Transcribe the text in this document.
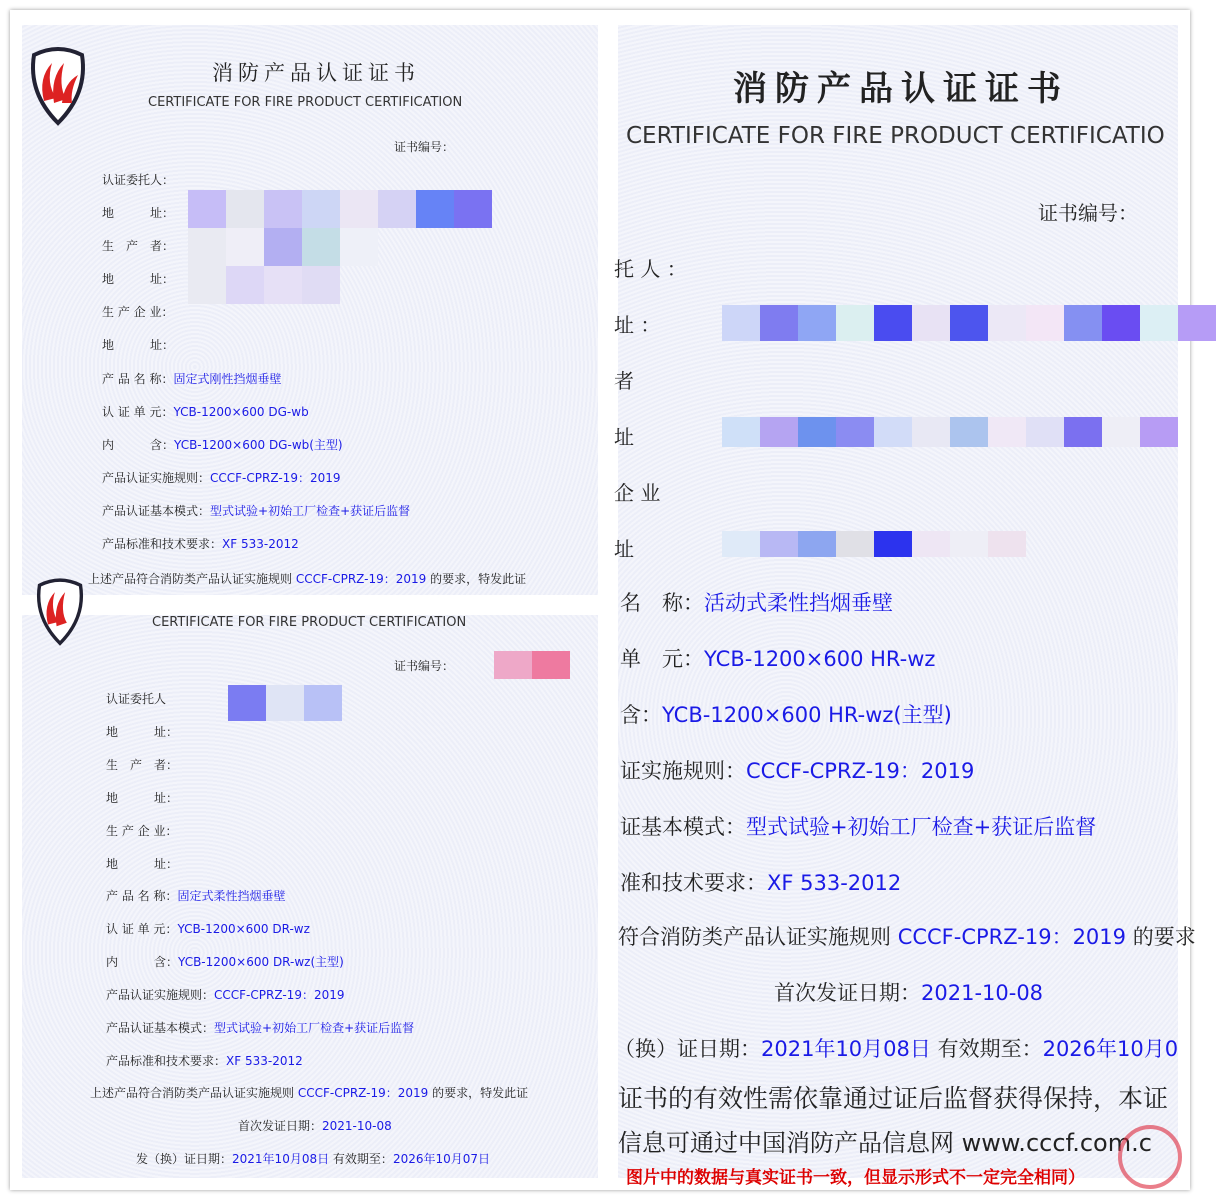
消防产品认证证书
CERTIFICATE FOR FIRE PRODUCT CERTIFICATION
证书编号：
认证委托人：
地　　　址：
生　产　者：
地　　　址：
生 产 企 业：
地　　　址：
产 品 名 称：固定式刚性挡烟垂壁
认 证 单 元：YCB-1200×600 DG-wb
内　　　含：YCB-1200×600 DG-wb(主型)
产品认证实施规则：CCCF-CPRZ-19：2019
产品认证基本模式：型式试验+初始工厂检查+获证后监督
产品标准和技术要求：XF 533-2012
上述产品符合消防类产品认证实施规则 CCCF-CPRZ-19：2019 的要求，特发此证
CERTIFICATE FOR FIRE PRODUCT CERTIFICATION
证书编号：
认证委托人
地　　　址：
生　产　者：
地　　　址：
生 产 企 业：
地　　　址：
产 品 名 称：固定式柔性挡烟垂壁
认 证 单 元：YCB-1200×600 DR-wz
内　　　含：YCB-1200×600 DR-wz(主型)
产品认证实施规则：CCCF-CPRZ-19：2019
产品认证基本模式：型式试验+初始工厂检查+获证后监督
产品标准和技术要求：XF 533-2012
上述产品符合消防类产品认证实施规则 CCCF-CPRZ-19：2019 的要求，特发此证
首次发证日期：2021-10-08
发（换）证日期：2021年10月08日 有效期至：2026年10月07日
消防产品认证证书
CERTIFICATE FOR FIRE PRODUCT CERTIFICATIO
证书编号：
托 人 ：
址 ：
者
址
企 业
址
名　称：活动式柔性挡烟垂壁
单　元：YCB-1200×600 HR-wz
含：YCB-1200×600 HR-wz(主型)
证实施规则：CCCF-CPRZ-19：2019
证基本模式：型式试验+初始工厂检查+获证后监督
准和技术要求：XF 533-2012
符合消防类产品认证实施规则 CCCF-CPRZ-19：2019 的要求
首次发证日期：2021-10-08
（换）证日期：2021年10月08日 有效期至：2026年10月0
证书的有效性需依靠通过证后监督获得保持，本证
信息可通过中国消防产品信息网 www.cccf.com.c
图片中的数据与真实证书一致，但显示形式不一定完全相同）
